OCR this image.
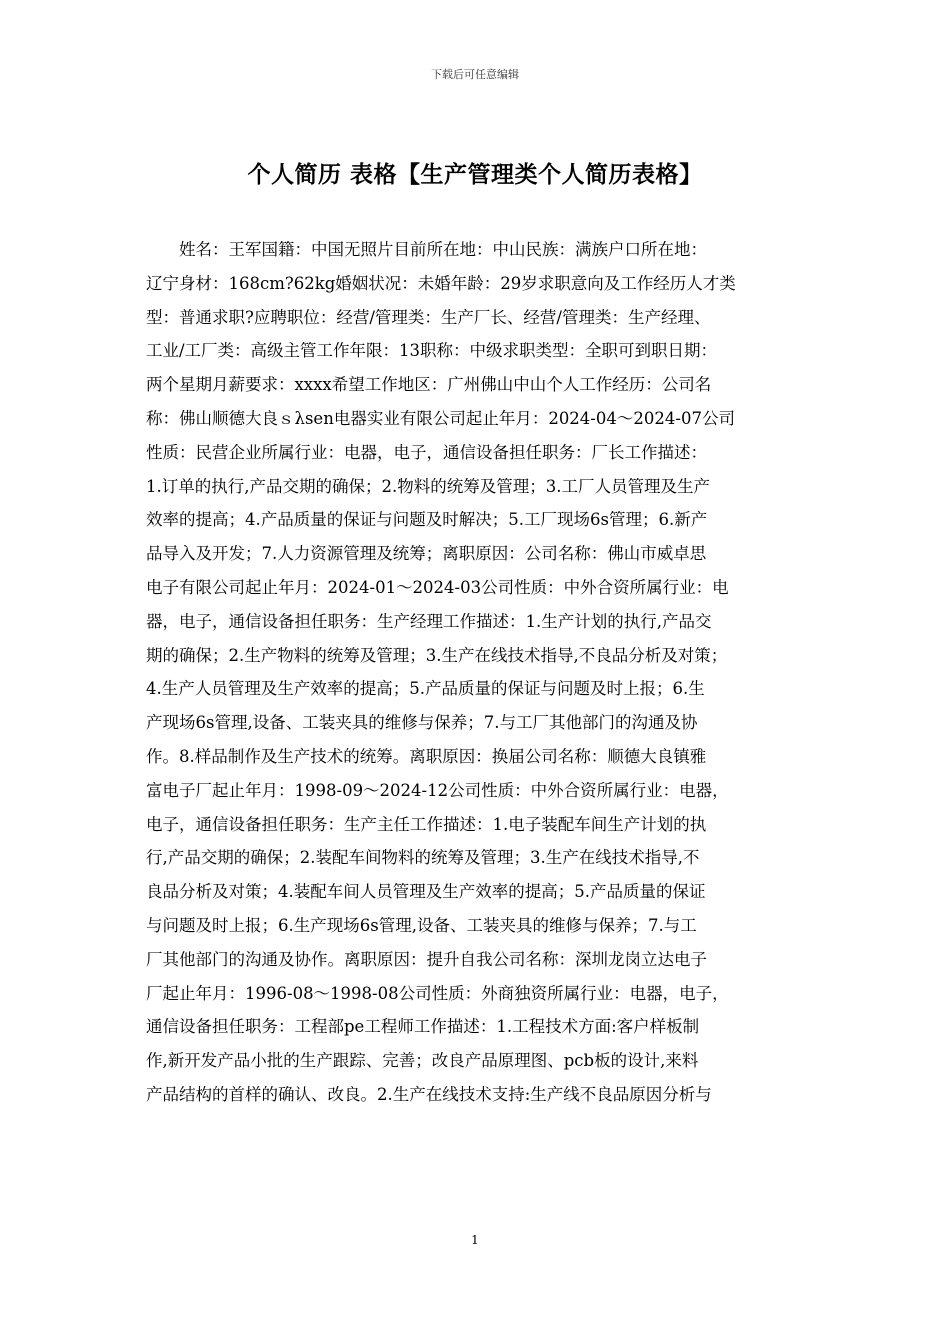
下载后可任意编辑
个人简历 表格【生产管理类个人简历表格】
　　姓名：王军国籍：中国无照片目前所在地：中山民族：满族户口所在地：
辽宁身材：168cm?62kg婚姻状况：未婚年龄：29岁求职意向及工作经历人才类
型：普通求职?应聘职位：经营/管理类：生产厂长、经营/管理类：生产经理、
工业/工厂类：高级主管工作年限：13职称：中级求职类型：全职可到职日期：
两个星期月薪要求：xxxx希望工作地区：广州佛山中山个人工作经历：公司名
称：佛山顺德大良ｓλsen电器实业有限公司起止年月：2024-04～2024-07公司
性质：民营企业所属行业：电器，电子，通信设备担任职务：厂长工作描述：
1.订单的执行,产品交期的确保；2.物料的统筹及管理；3.工厂人员管理及生产
效率的提高；4.产品质量的保证与问题及时解决；5.工厂现场6s管理；6.新产
品导入及开发；7.人力资源管理及统筹；离职原因：公司名称：佛山市威卓思
电子有限公司起止年月：2024-01～2024-03公司性质：中外合资所属行业：电
器，电子，通信设备担任职务：生产经理工作描述：1.生产计划的执行,产品交
期的确保；2.生产物料的统筹及管理；3.生产在线技术指导,不良品分析及对策；
4.生产人员管理及生产效率的提高；5.产品质量的保证与问题及时上报；6.生
产现场6s管理,设备、工装夹具的维修与保养；7.与工厂其他部门的沟通及协
作。8.样品制作及生产技术的统筹。离职原因：换届公司名称：顺德大良镇雅
富电子厂起止年月：1998-09～2024-12公司性质：中外合资所属行业：电器，
电子，通信设备担任职务：生产主任工作描述：1.电子装配车间生产计划的执
行,产品交期的确保；2.装配车间物料的统筹及管理；3.生产在线技术指导,不
良品分析及对策；4.装配车间人员管理及生产效率的提高；5.产品质量的保证
与问题及时上报；6.生产现场6s管理,设备、工装夹具的维修与保养；7.与工
厂其他部门的沟通及协作。离职原因：提升自我公司名称：深圳龙岗立达电子
厂起止年月：1996-08～1998-08公司性质：外商独资所属行业：电器，电子，
通信设备担任职务：工程部pe工程师工作描述：1.工程技术方面:客户样板制
作,新开发产品小批的生产跟踪、完善；改良产品原理图、pcb板的设计,来料
产品结构的首样的确认、改良。2.生产在线技术支持:生产线不良品原因分析与
1
